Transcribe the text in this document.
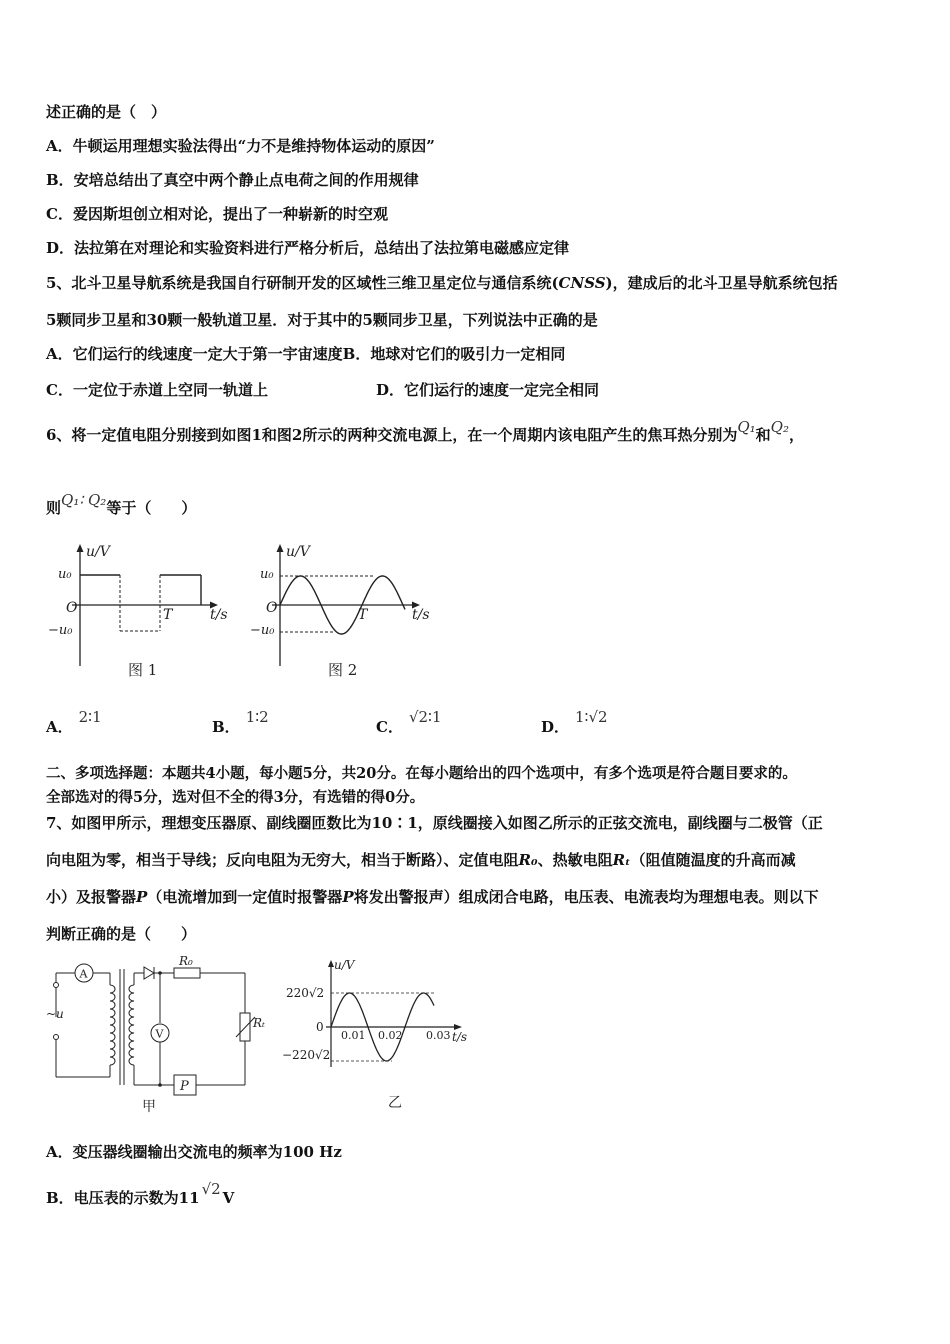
述正确的是（　）
A．牛顿运用理想实验法得出“力不是维持物体运动的原因”
B．安培总结出了真空中两个静止点电荷之间的作用规律
C．爱因斯坦创立相对论，提出了一种崭新的时空观
D．法拉第在对理论和实验资料进行严格分析后，总结出了法拉第电磁感应定律
5、北斗卫星导航系统是我国自行研制开发的区域性三维卫星定位与通信系统(CNSS)，建成后的北斗卫星导航系统包括
5颗同步卫星和30颗一般轨道卫星．对于其中的5颗同步卫星，下列说法中正确的是
A．它们运行的线速度一定大于第一宇宙速度B．地球对它们的吸引力一定相同
C．一定位于赤道上空同一轨道上	D．它们运行的速度一定完全相同
6、将一定值电阻分别接到如图1和图2所示的两种交流电源上，在一个周期内该电阻产生的焦耳热分别为Q₁和Q₂，
则Q₁∶ Q₂等于（　　）
u/V
u₀
−u₀
O	T	t/s
图 1
u/V
u₀
−u₀
O	T	t/s
图 2
A．2∶1
B．1∶2
C．√2∶1
D．1∶√2
二、多项选择题：本题共4小题，每小题5分，共20分。在每小题给出的四个选项中，有多个选项是符合题目要求的。
全部选对的得5分，选对但不全的得3分，有选错的得0分。
7、如图甲所示，理想变压器原、副线圈匝数比为10∶1，原线圈接入如图乙所示的正弦交流电，副线圈与二极管（正
向电阻为零，相当于导线；反向电阻为无穷大，相当于断路）、定值电阻R₀、热敏电阻Rₜ（阻值随温度的升高而减
小）及报警器P（电流增加到一定值时报警器P将发出警报声）组成闭合电路，电压表、电流表均为理想电表。则以下
判断正确的是（　　）
A
~u
R₀
Rₜ
P
V
甲
u/V
220√2
0
−220√2
0.01 0.02 0.03 t/s
乙
A．变压器线圈输出交流电的频率为100 Hz
B．电压表的示数为11 √2 V
